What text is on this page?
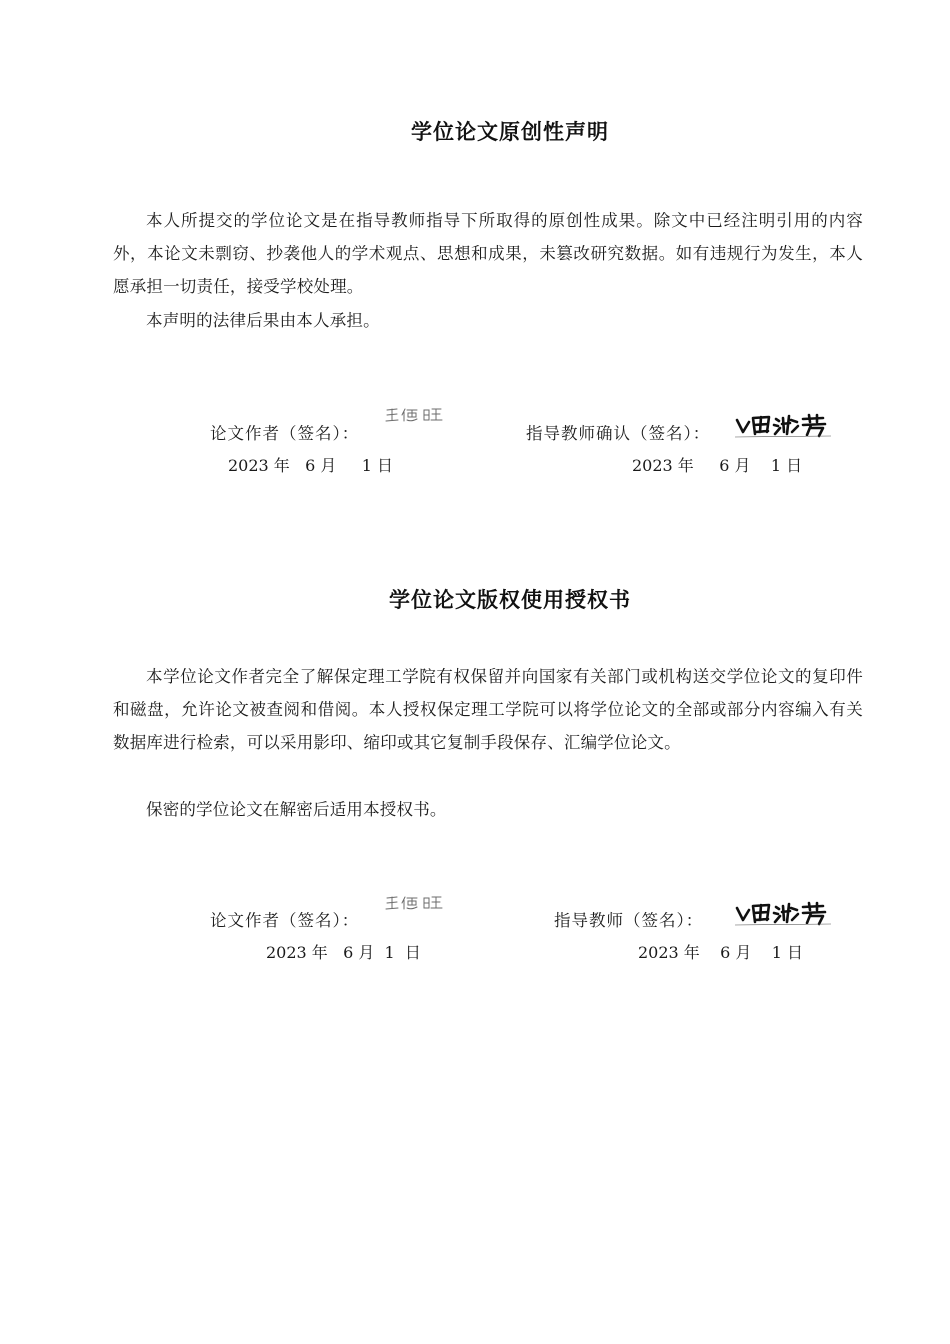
学位论文原创性声明

本人所提交的学位论文是在指导教师指导下所取得的原创性成果。除文中已经注明引用的内容外，本论文未剽窃、抄袭他人的学术观点、思想和成果，未篡改研究数据。如有违规行为发生，本人愿承担一切责任，接受学校处理。

本声明的法律后果由本人承担。

论文作者（签名）：
2023 年   6 月     1 日
指导教师确认（签名）：
2023 年     6 月    1 日
学位论文版权使用授权书

本学位论文作者完全了解保定理工学院有权保留并向国家有关部门或机构送交学位论文的复印件和磁盘，允许论文被查阅和借阅。本人授权保定理工学院可以将学位论文的全部或部分内容编入有关数据库进行检索，可以采用影印、缩印或其它复制手段保存、汇编学位论文。

保密的学位论文在解密后适用本授权书。

论文作者（签名）：
2023 年   6 月  1  日
指导教师（签名）：
2023 年    6 月    1 日
